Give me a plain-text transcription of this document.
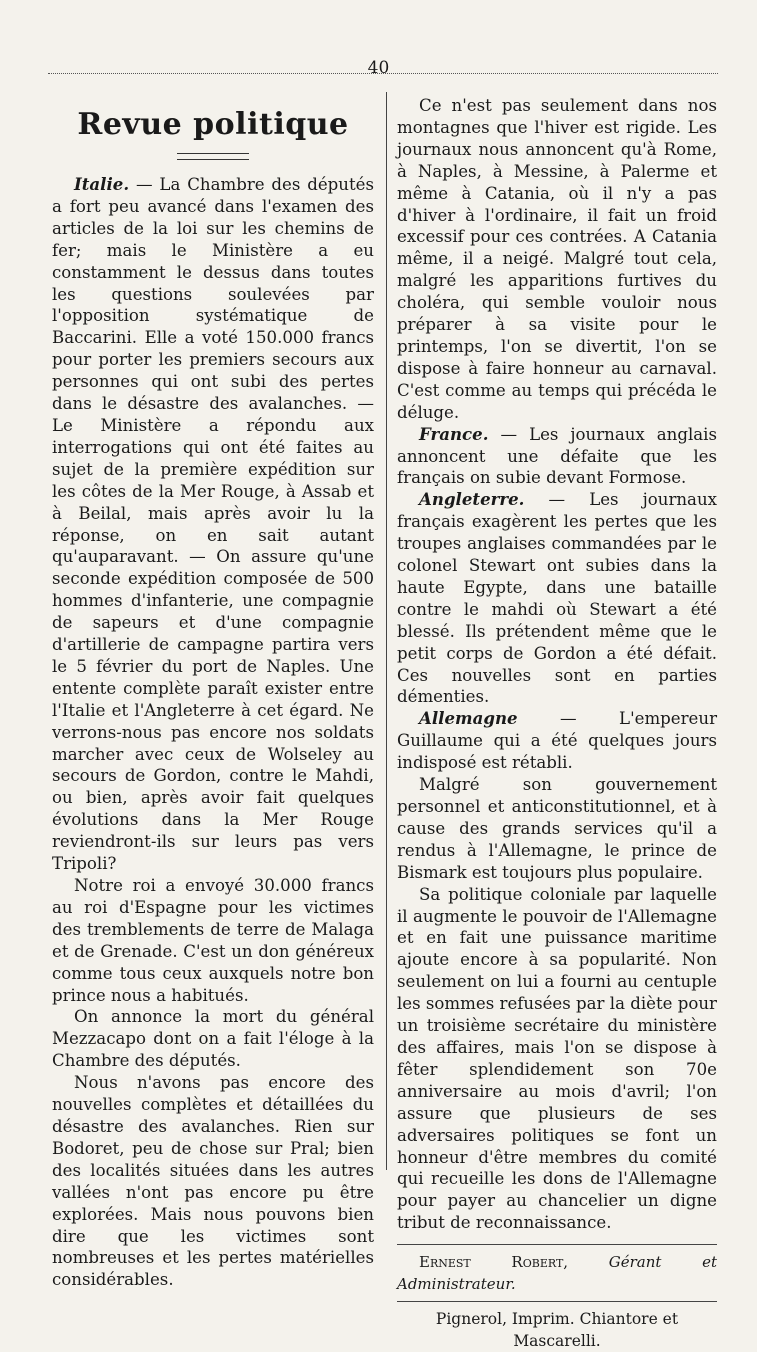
40
Revue politique

Italie. — La Chambre des députés a fort peu avancé dans l'examen des articles de la loi sur les chemins de fer; mais le Ministère a eu constamment le dessus dans toutes les questions soulevées par l'opposition systématique de Baccarini. Elle a voté 150.000 francs pour porter les premiers secours aux personnes qui ont subi des pertes dans le désastre des avalanches. — Le Ministère a répondu aux interrogations qui ont été faites au sujet de la première expédition sur les côtes de la Mer Rouge, à Assab et à Beilal, mais après avoir lu la réponse, on en sait autant qu'auparavant. — On assure qu'une seconde expédition composée de 500 hommes d'infanterie, une compagnie de sapeurs et d'une compagnie d'artillerie de campagne partira vers le 5 février du port de Naples. Une entente complète paraît exister entre l'Italie et l'Angleterre à cet égard. Ne verrons-nous pas encore nos soldats marcher avec ceux de Wolseley au secours de Gordon, contre le Mahdi, ou bien, après avoir fait quelques évolutions dans la Mer Rouge reviendront-ils sur leurs pas vers Tripoli?

Notre roi a envoyé 30.000 francs au roi d'Espagne pour les victimes des tremblements de terre de Malaga et de Grenade. C'est un don généreux comme tous ceux auxquels notre bon prince nous a habitués.

On annonce la mort du général Mezzacapo dont on a fait l'éloge à la Chambre des députés.

Nous n'avons pas encore des nouvelles complètes et détaillées du désastre des avalanches. Rien sur Bodoret, peu de chose sur Pral; bien des localités situées dans les autres vallées n'ont pas encore pu être explorées. Mais nous pouvons bien dire que les victimes sont nombreuses et les pertes matérielles considérables.

Ce n'est pas seulement dans nos montagnes que l'hiver est rigide. Les journaux nous annoncent qu'à Rome, à Naples, à Messine, à Palerme et même à Catania, où il n'y a pas d'hiver à l'ordinaire, il fait un froid excessif pour ces contrées. A Catania même, il a neigé. Malgré tout cela, malgré les apparitions furtives du choléra, qui semble vouloir nous préparer à sa visite pour le printemps, l'on se divertit, l'on se dispose à faire honneur au carnaval. C'est comme au temps qui précéda le déluge.

France. — Les journaux anglais annoncent une défaite que les français on subie devant Formose.

Angleterre. — Les journaux français exagèrent les pertes que les troupes anglaises commandées par le colonel Stewart ont subies dans la haute Egypte, dans une bataille contre le mahdi où Stewart a été blessé. Ils prétendent même que le petit corps de Gordon a été défait. Ces nouvelles sont en parties démenties.

Allemagne — L'empereur Guillaume qui a été quelques jours indisposé est rétabli.

Malgré son gouvernement personnel et anticonstitutionnel, et à cause des grands services qu'il a rendus à l'Allemagne, le prince de Bismark est toujours plus populaire.

Sa politique coloniale par laquelle il augmente le pouvoir de l'Allemagne et en fait une puissance maritime ajoute encore à sa popularité. Non seulement on lui a fourni au centuple les sommes refusées par la diète pour un troisième secrétaire du ministère des affaires, mais l'on se dispose à fêter splendidement son 70e anniversaire au mois d'avril; l'on assure que plusieurs de ses adversaires politiques se font un honneur d'être membres du comité qui recueille les dons de l'Allemagne pour payer au chancelier un digne tribut de reconnaissance.

Ernest Robert,	Gérant et Administrateur.

Pignerol, Imprim. Chiantore et Mascarelli.
